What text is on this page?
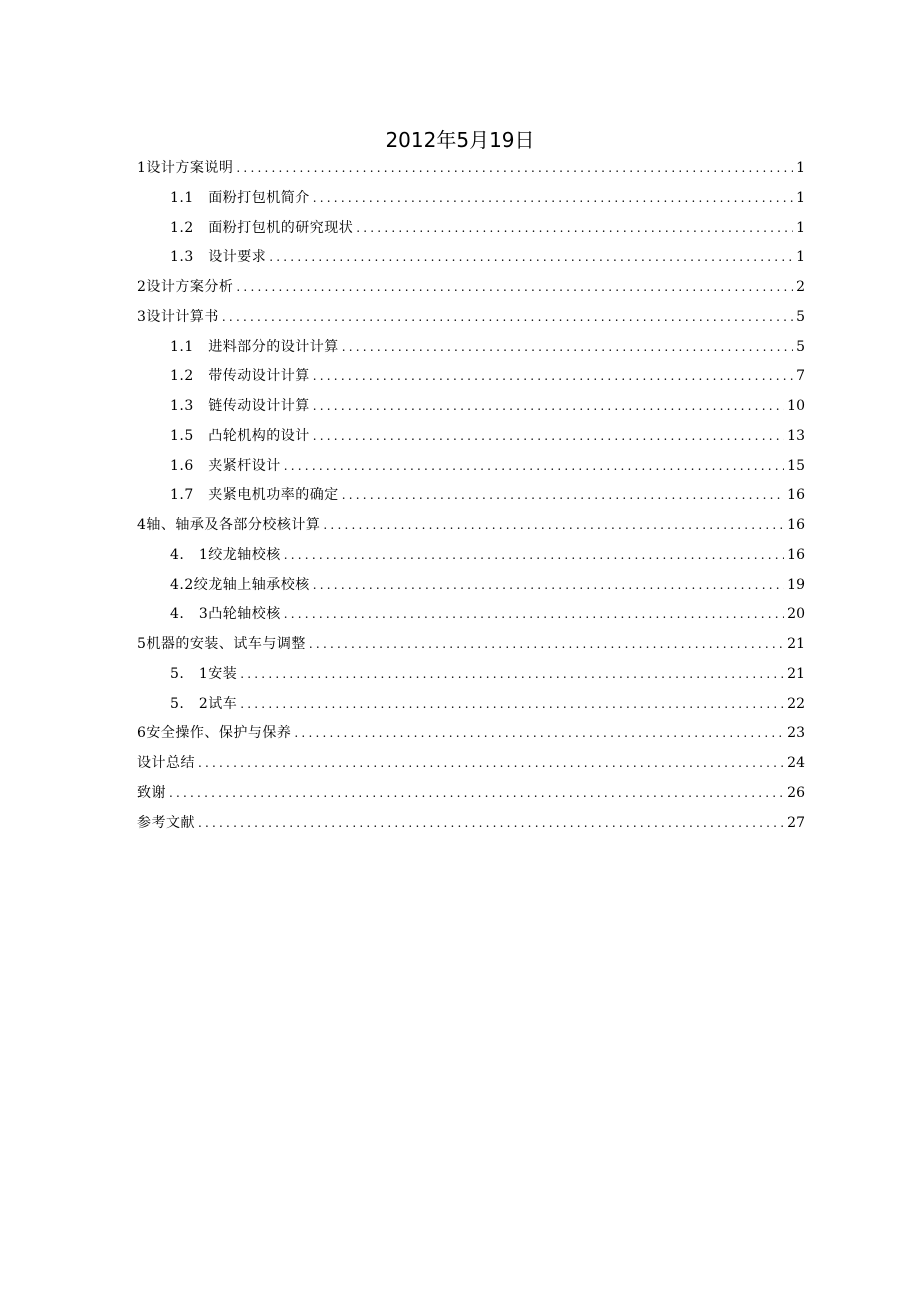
2012年5月19日
1设计方案说明 .....	1
1.1　面粉打包机简介 .....	1
1.2　面粉打包机的研究现状 .....	1
1.3　设计要求 .....	1
2设计方案分析 .....	2
3设计计算书 .....	5
1.1　进料部分的设计计算 .....	5
1.2　带传动设计计算 .....	7
1.3　链传动设计计算 .....	10
1.5　凸轮机构的设计 .....	13
1.6　夹紧杆设计 .....	15
1.7　夹紧电机功率的确定 .....	16
4轴、轴承及各部分校核计算 .....	16
4.　1绞龙轴校核 .....	16
4.2绞龙轴上轴承校核 .....	19
4.　3凸轮轴校核 .....	20
5机器的安装、试车与调整 .....	21
5.　1安装 .....	21
5.　2试车 .....	22
6安全操作、保护与保养 .....	23
设计总结 .....	24
致谢 .....	26
参考文献 .....	27
